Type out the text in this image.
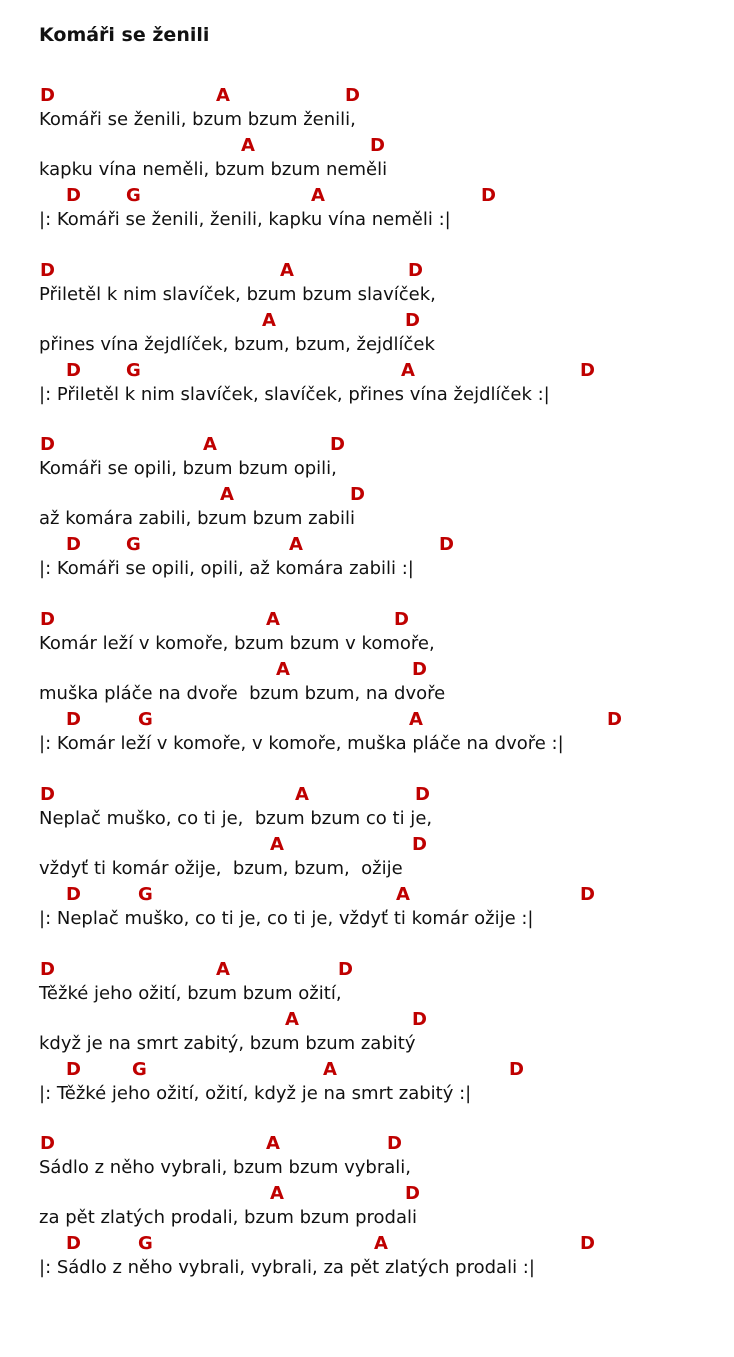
Komáři se ženili
D	A	D
Komáři se ženili, bzum bzum ženili,
A	D
kapku vína neměli, bzum bzum neměli
D	G	A	D
|: Komáři se ženili, ženili, kapku vína neměli :|
D	A	D
Přiletěl k nim slavíček, bzum bzum slavíček,
A	D
přines vína žejdlíček, bzum, bzum, žejdlíček
D	G	A	D
|: Přiletěl k nim slavíček, slavíček, přines vína žejdlíček :|
D	A	D
Komáři se opili, bzum bzum opili,
A	D
až komára zabili, bzum bzum zabili
D	G	A	D
|: Komáři se opili, opili, až komára zabili :|
D	A	D
Komár leží v komoře, bzum bzum v komoře,
A	D
muška pláče na dvoře  bzum bzum, na dvoře
D	G	A	D
|: Komár leží v komoře, v komoře, muška pláče na dvoře :|
D	A	D
Neplač muško, co ti je,  bzum bzum co ti je,
A	D
vždyť ti komár ožije,  bzum, bzum,  ožije
D	G	A	D
|: Neplač muško, co ti je, co ti je, vždyť ti komár ožije :|
D	A	D
Těžké jeho ožití, bzum bzum ožití,
A	D
když je na smrt zabitý, bzum bzum zabitý
D	G	A	D
|: Těžké jeho ožití, ožití, když je na smrt zabitý :|
D	A	D
Sádlo z něho vybrali, bzum bzum vybrali,
A	D
za pět zlatých prodali, bzum bzum prodali
D	G	A	D
|: Sádlo z něho vybrali, vybrali, za pět zlatých prodali :|
